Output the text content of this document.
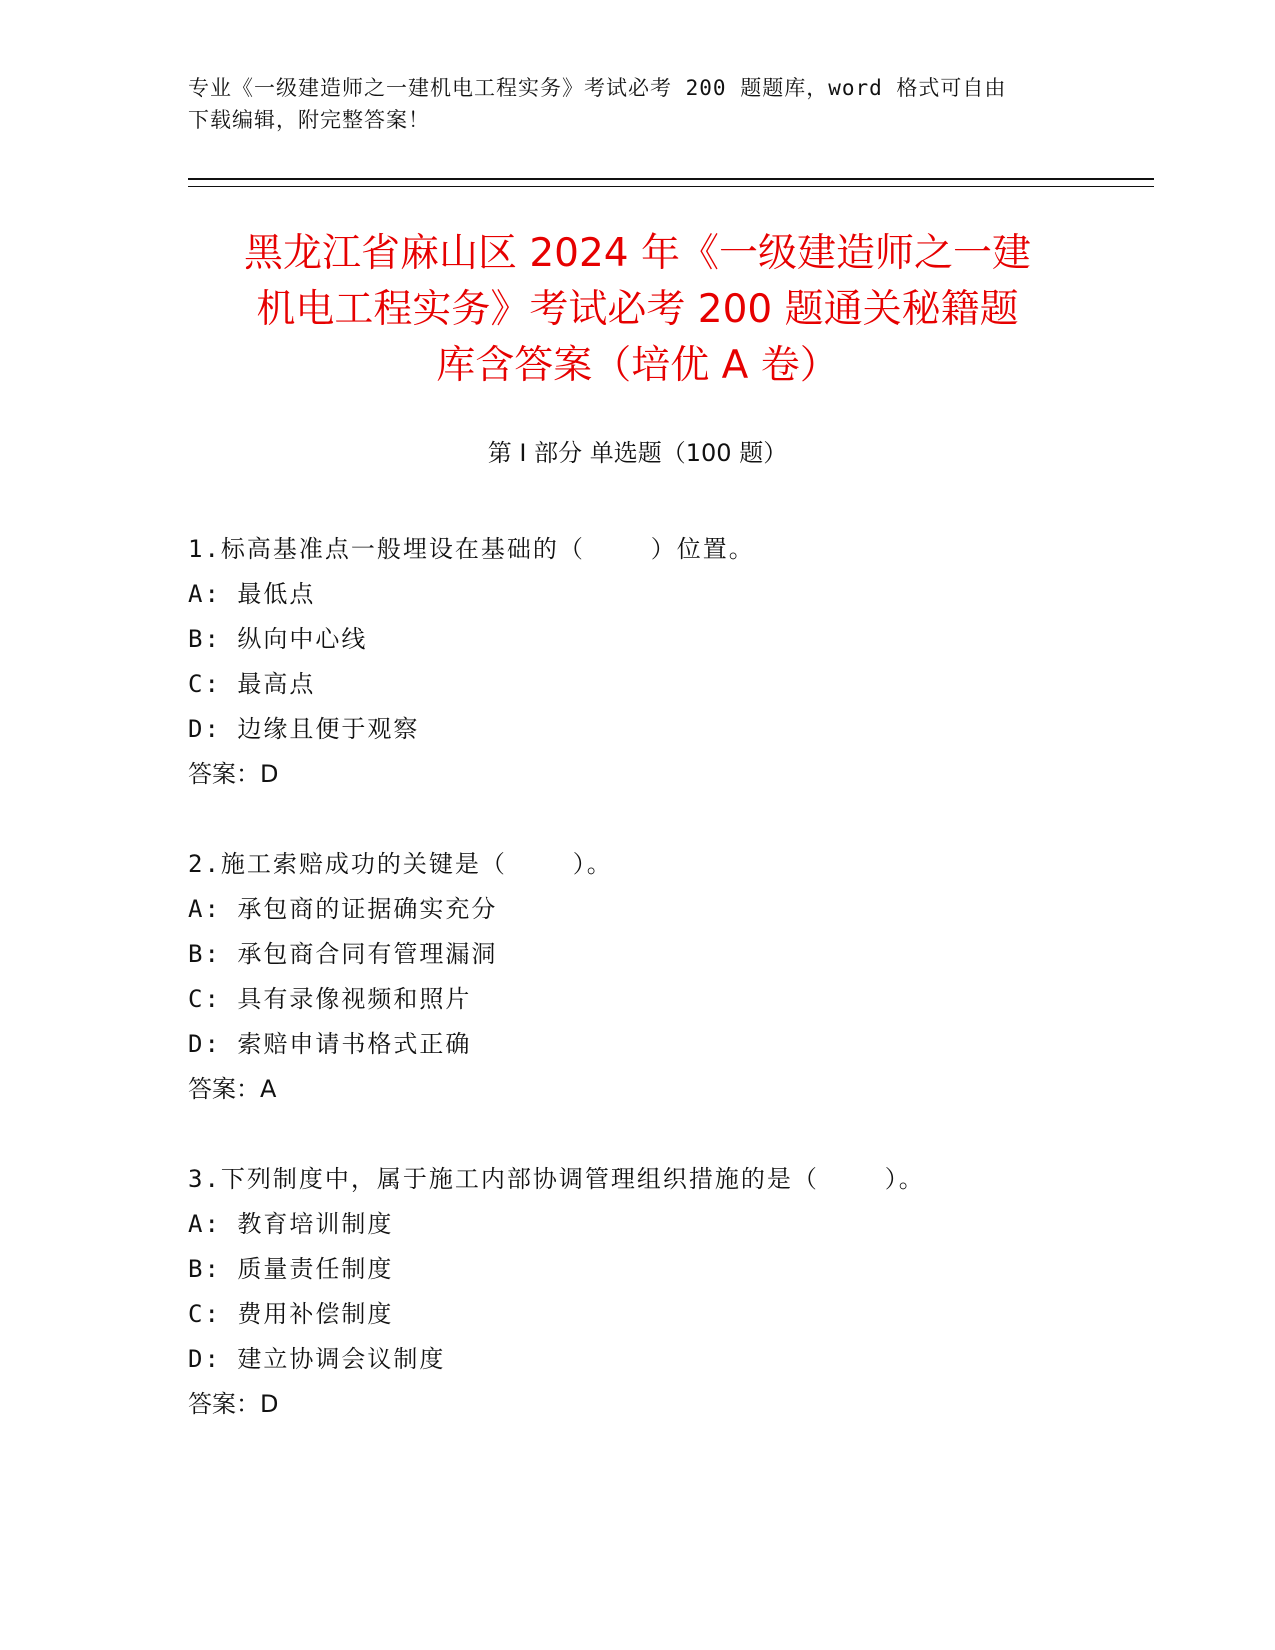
专业《一级建造师之一建机电工程实务》考试必考 200 题题库，word 格式可自由
下载编辑，附完整答案！
黑龙江省麻山区 2024 年《一级建造师之一建
机电工程实务》考试必考 200 题通关秘籍题
库含答案（培优 A 卷）
第 I 部分 单选题（100 题）
1.标高基准点一般埋设在基础的（    ）位置。
A: 最低点
B: 纵向中心线
C: 最高点
D: 边缘且便于观察
答案：D
2.施工索赔成功的关键是（    ）。
A: 承包商的证据确实充分
B: 承包商合同有管理漏洞
C: 具有录像视频和照片
D: 索赔申请书格式正确
答案：A
3.下列制度中，属于施工内部协调管理组织措施的是（    ）。
A: 教育培训制度
B: 质量责任制度
C: 费用补偿制度
D: 建立协调会议制度
答案：D
